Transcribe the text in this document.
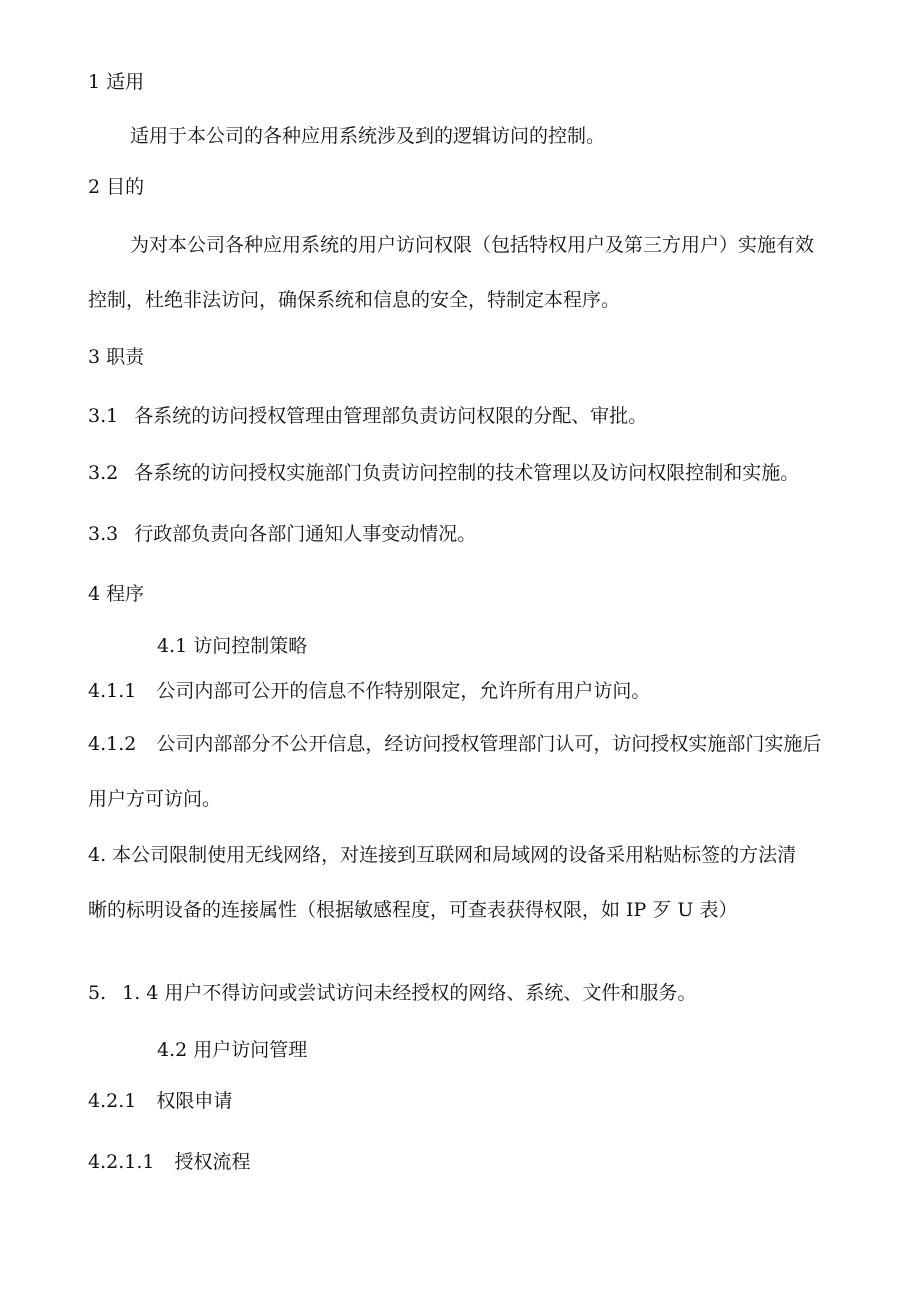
1 适用
适用于本公司的各种应用系统涉及到的逻辑访问的控制。
2 目的
为对本公司各种应用系统的用户访问权限（包括特权用户及第三方用户）实施有效
控制，杜绝非法访问，确保系统和信息的安全，特制定本程序。
3 职责
3.1 各系统的访问授权管理由管理部负责访问权限的分配、审批。
3.2 各系统的访问授权实施部门负责访问控制的技术管理以及访问权限控制和实施。
3.3 行政部负责向各部门通知人事变动情况。
4 程序
4.1 访问控制策略
4.1.1 公司内部可公开的信息不作特别限定，允许所有用户访问。
4.1.2 公司内部部分不公开信息，经访问授权管理部门认可，访问授权实施部门实施后
用户方可访问。
4. 本公司限制使用无线网络，对连接到互联网和局域网的设备采用粘贴标签的方法清
晰的标明设备的连接属性（根据敏感程度，可查表获得权限，如 IP 歹 U 表）
5. 1. 4 用户不得访问或尝试访问未经授权的网络、系统、文件和服务。
4.2 用户访问管理
4.2.1 权限申请
4.2.1.1 授权流程
